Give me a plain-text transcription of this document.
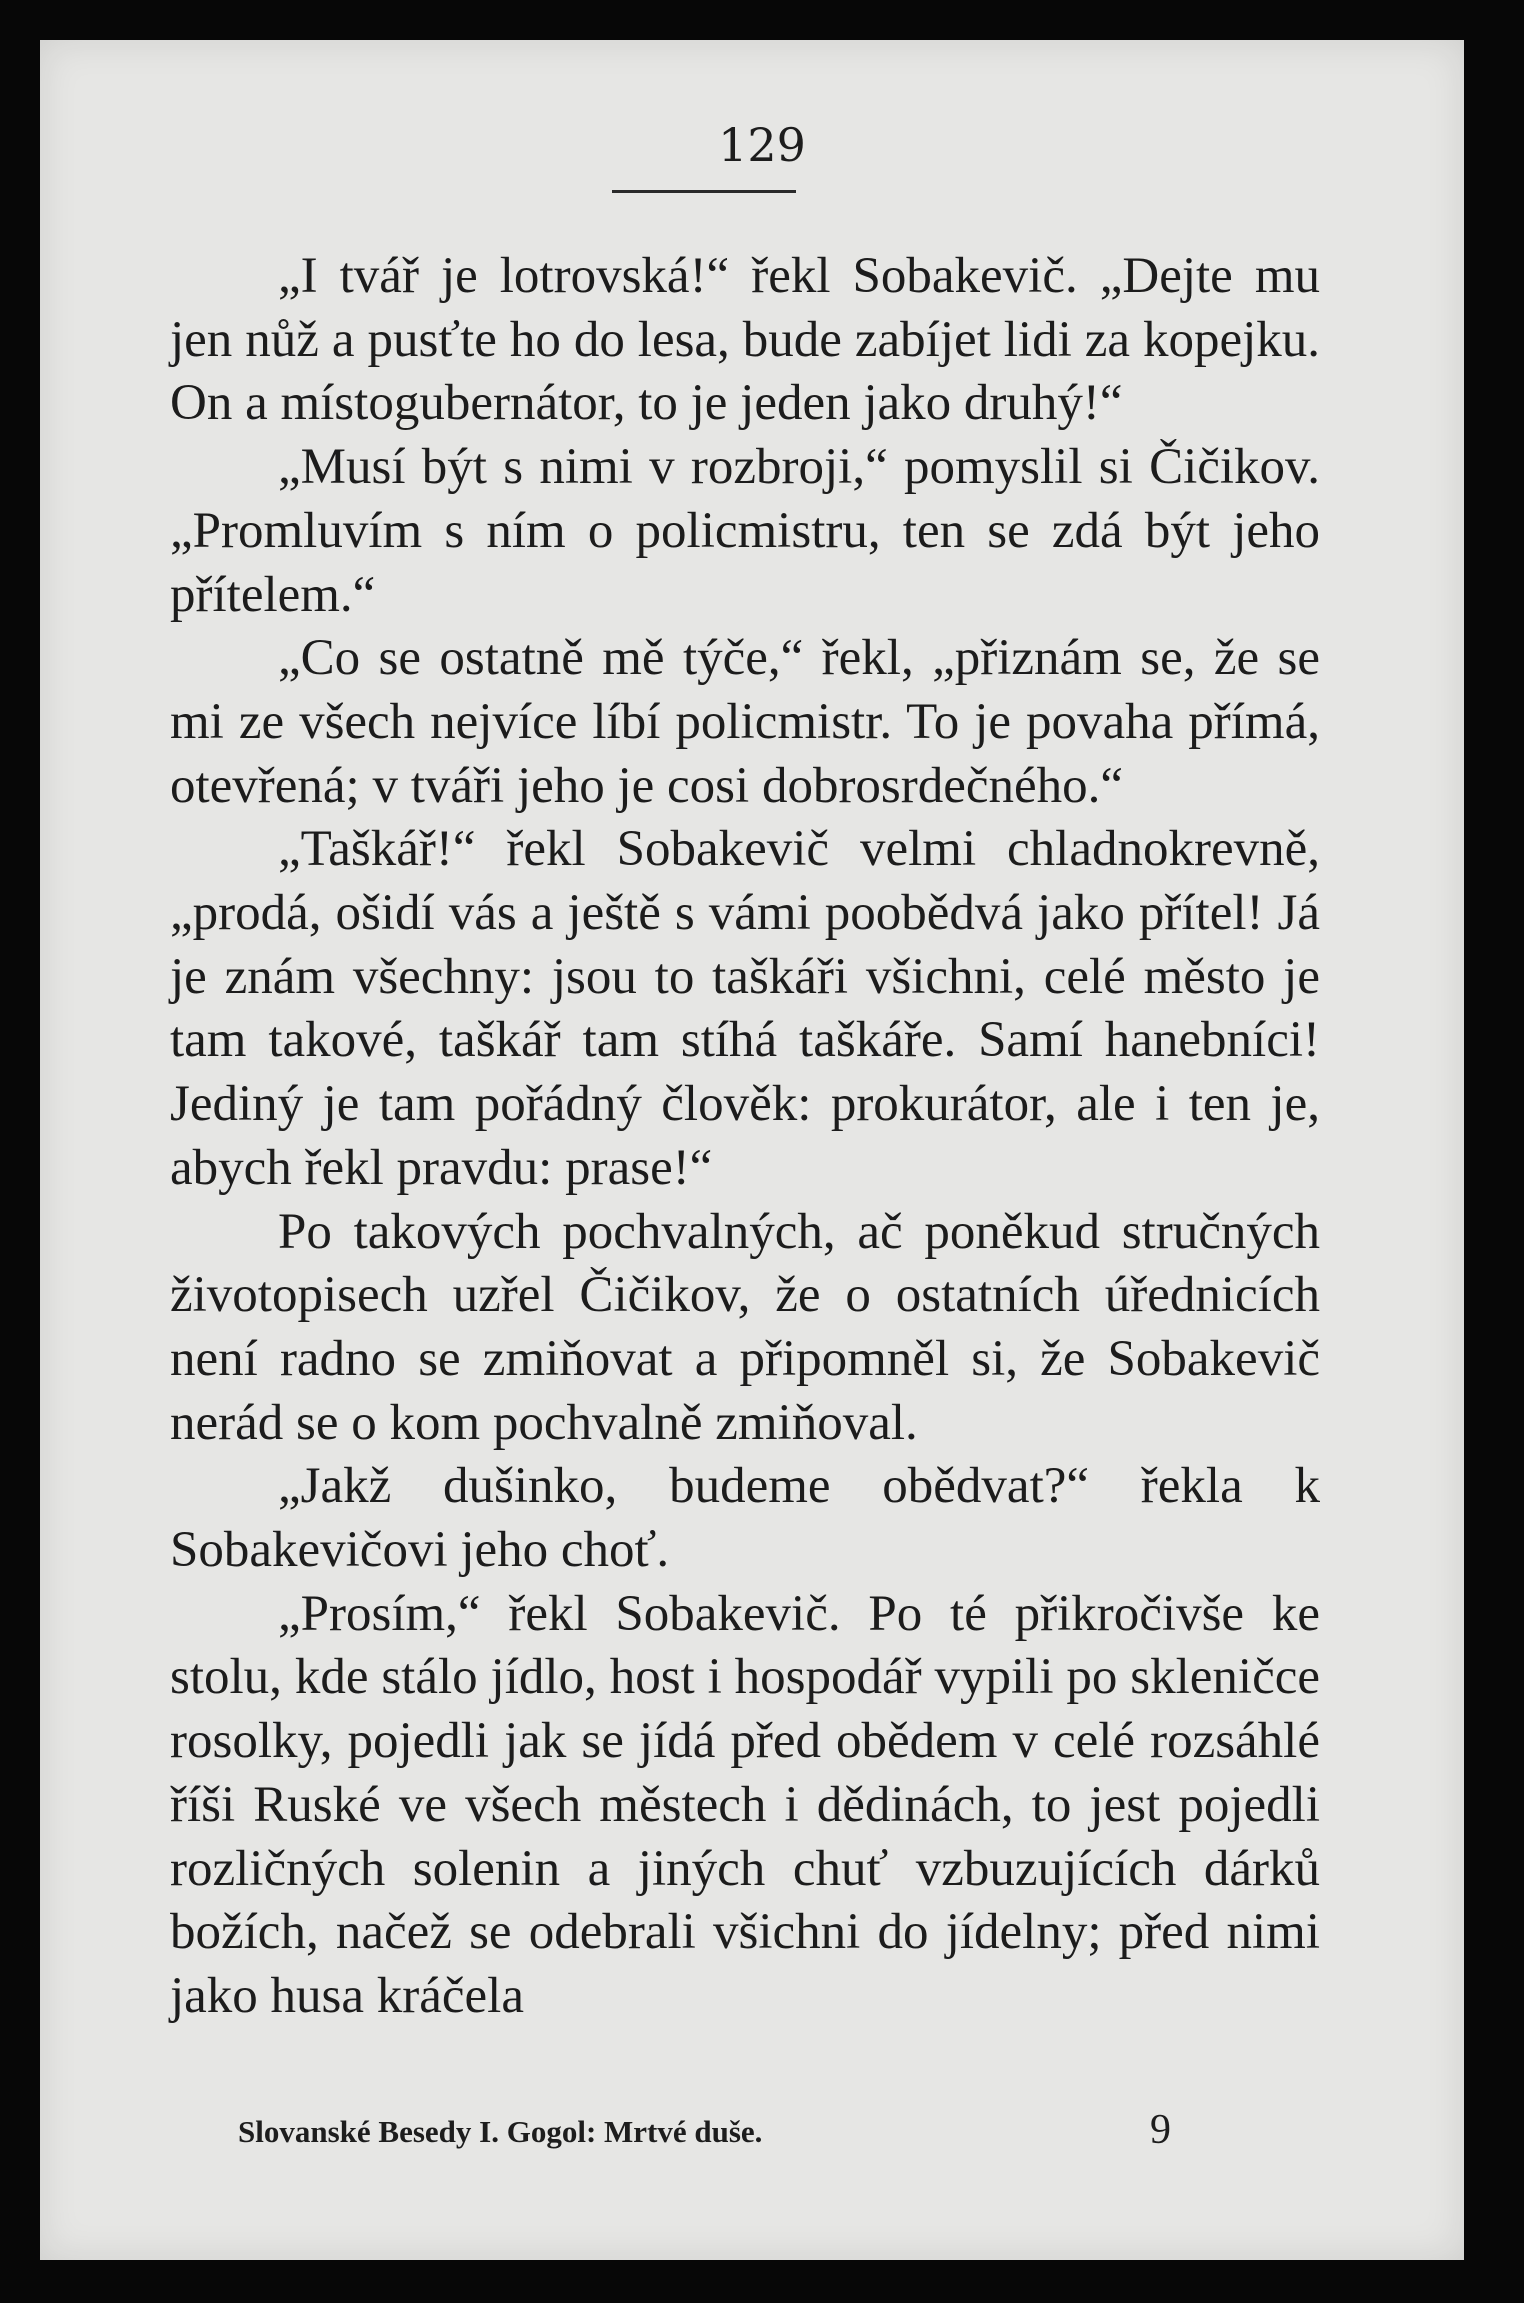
129

„I tvář je lotrovská!“ řekl Sobakevič. „Dejte mu jen nůž a pusťte ho do lesa, bude zabíjet lidi za kopejku. On a místogubernátor, to je jeden jako druhý!“

„Musí být s nimi v rozbroji,“ pomyslil si Čičikov. „Promluvím s ním o policmistru, ten se zdá být jeho přítelem.“

„Co se ostatně mě týče,“ řekl, „přiznám se, že se mi ze všech nejvíce líbí policmistr. To je povaha přímá, otevřená; v tváři jeho je cosi dobrosrdečného.“

„Taškář!“ řekl Sobakevič velmi chladnokrevně, „prodá, ošidí vás a ještě s vámi poobědvá jako přítel! Já je znám všechny: jsou to taškáři všichni, celé město je tam takové, taškář tam stíhá taškáře. Samí hanebníci! Jediný je tam pořádný člověk: prokurátor, ale i ten je, abych řekl pravdu: prase!“

Po takových pochvalných, ač poněkud stručných životopisech uzřel Čičikov, že o ostatních úřednicích není radno se zmiňovat a připomněl si, že Sobakevič nerád se o kom pochvalně zmiňoval.

„Jakž dušinko, budeme obědvat?“ řekla k Sobakevičovi jeho choť.

„Prosím,“ řekl Sobakevič. Po té přikročivše ke stolu, kde stálo jídlo, host i hospodář vypili po skleničce rosolky, pojedli jak se jídá před obědem v celé rozsáhlé říši Ruské ve všech městech i dědinách, to jest pojedli rozličných solenin a jiných chuť vzbuzujících dárků božích, načež se odebrali všichni do jídelny; před nimi jako husa kráčela

Slovanské Besedy I. Gogol: Mrtvé duše.	9
